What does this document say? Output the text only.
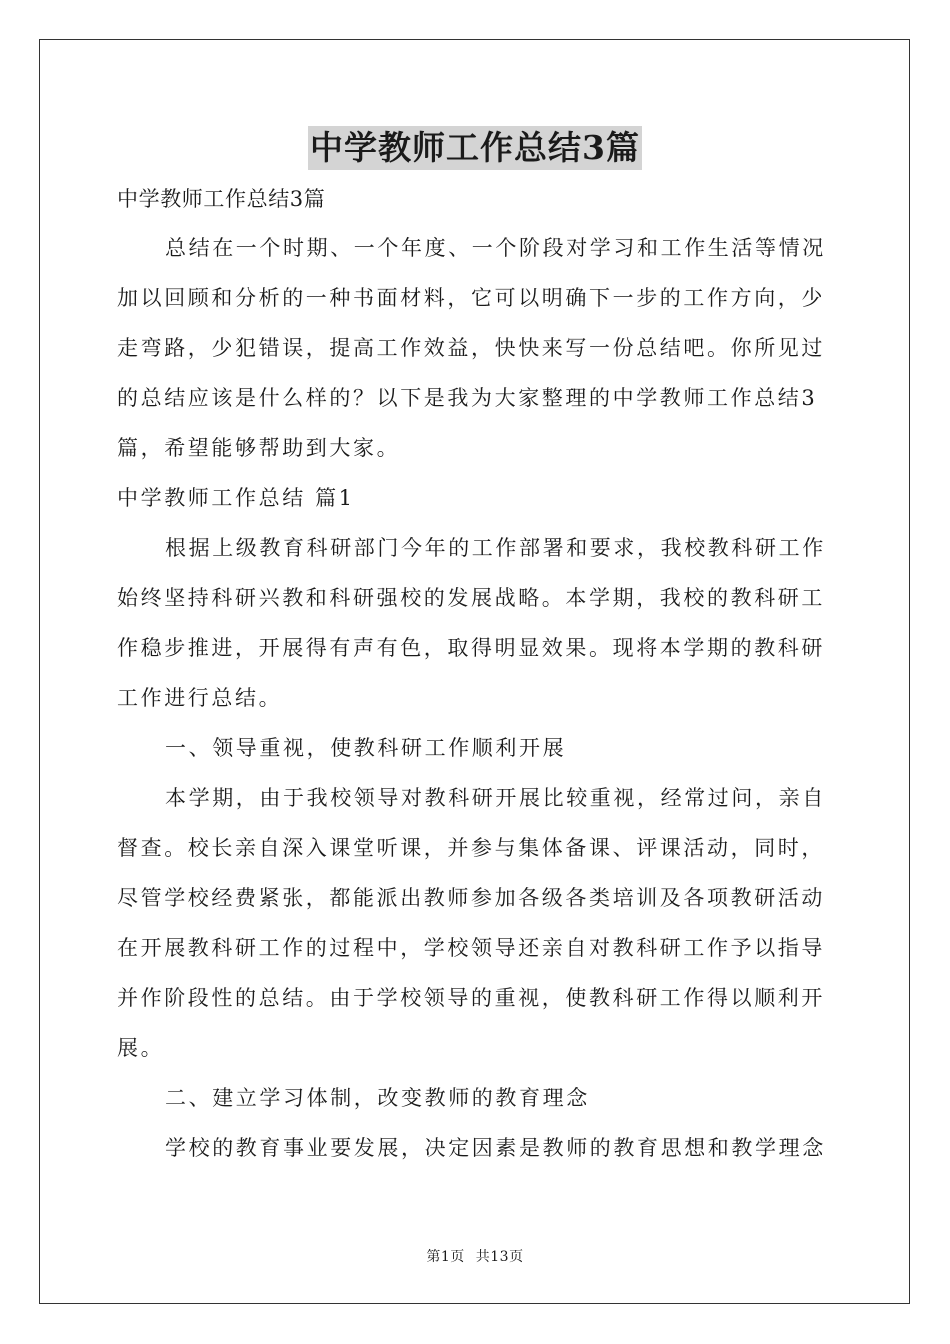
中学教师工作总结3篇
中学教师工作总结3篇
总结在一个时期、一个年度、一个阶段对学习和工作生活等情况
加以回顾和分析的一种书面材料，它可以明确下一步的工作方向，少
走弯路，少犯错误，提高工作效益，快快来写一份总结吧。你所见过
的总结应该是什么样的？以下是我为大家整理的中学教师工作总结3
篇，希望能够帮助到大家。
中学教师工作总结 篇1
根据上级教育科研部门今年的工作部署和要求，我校教科研工作
始终坚持科研兴教和科研强校的发展战略。本学期，我校的教科研工
作稳步推进，开展得有声有色，取得明显效果。现将本学期的教科研
工作进行总结。
一、领导重视，使教科研工作顺利开展
本学期，由于我校领导对教科研开展比较重视，经常过问，亲自
督查。校长亲自深入课堂听课，并参与集体备课、评课活动，同时，
尽管学校经费紧张，都能派出教师参加各级各类培训及各项教研活动
在开展教科研工作的过程中，学校领导还亲自对教科研工作予以指导
并作阶段性的总结。由于学校领导的重视，使教科研工作得以顺利开
展。
二、建立学习体制，改变教师的教育理念
学校的教育事业要发展，决定因素是教师的教育思想和教学理念
第1页 共13页
